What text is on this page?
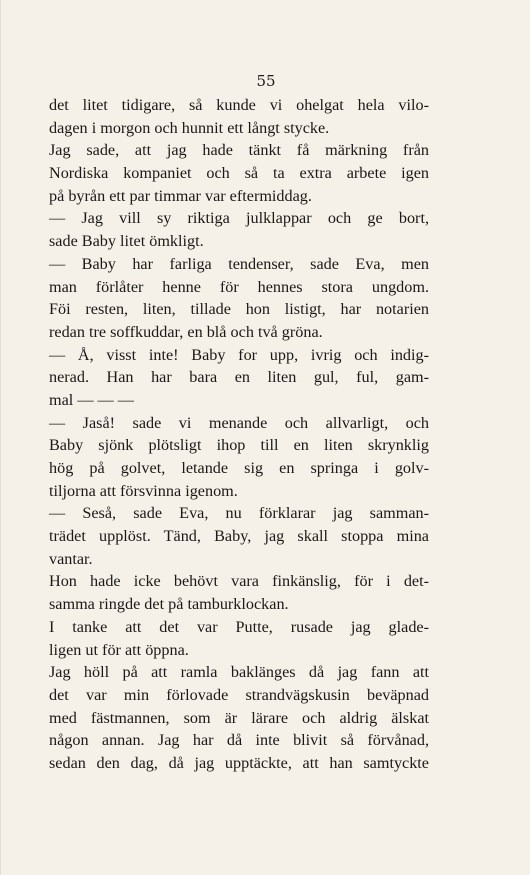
55
det litet tidigare, så kunde vi ohelgat hela vilo-
dagen i morgon och hunnit ett långt stycke.
Jag sade, att jag hade tänkt få märkning från
Nordiska kompaniet och så ta extra arbete igen
på byrån ett par timmar var eftermiddag.
— Jag vill sy riktiga julklappar och ge bort,
sade Baby litet ömkligt.
— Baby har farliga tendenser, sade Eva, men
man förlåter henne för hennes stora ungdom.
Föi resten, liten, tillade hon listigt, har notarien
redan tre soffkuddar, en blå och två gröna.
— Å, visst inte! Baby for upp, ivrig och indig-
nerad. Han har bara en liten gul, ful, gam-
mal — — —
— Jaså! sade vi menande och allvarligt, och
Baby sjönk plötsligt ihop till en liten skrynklig
hög på golvet, letande sig en springa i golv-
tiljorna att försvinna igenom.
— Seså, sade Eva, nu förklarar jag samman-
trädet upplöst. Tänd, Baby, jag skall stoppa mina
vantar.
Hon hade icke behövt vara finkänslig, för i det-
samma ringde det på tamburklockan.
I tanke att det var Putte, rusade jag glade-
ligen ut för att öppna.
Jag höll på att ramla baklänges då jag fann att
det var min förlovade strandvägskusin beväpnad
med fästmannen, som är lärare och aldrig älskat
någon annan. Jag har då inte blivit så förvånad,
sedan den dag, då jag upptäckte, att han samtyckte
